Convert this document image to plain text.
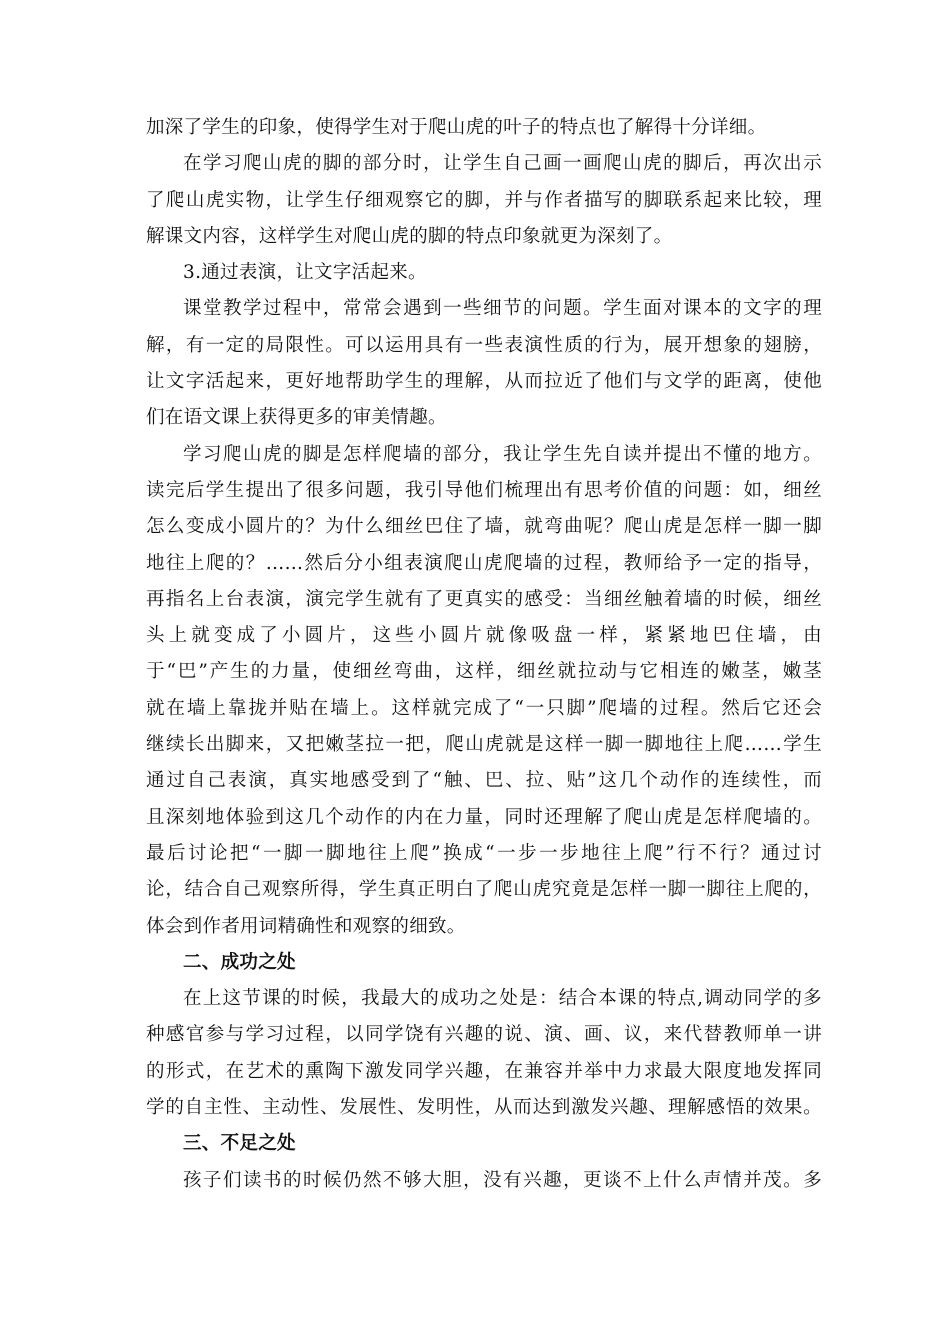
加深了学生的印象，使得学生对于爬山虎的叶子的特点也了解得十分详细。
在学习爬山虎的脚的部分时，让学生自己画一画爬山虎的脚后，再次出示
了爬山虎实物，让学生仔细观察它的脚，并与作者描写的脚联系起来比较，理
解课文内容，这样学生对爬山虎的脚的特点印象就更为深刻了。
3.通过表演，让文字活起来。
课堂教学过程中，常常会遇到一些细节的问题。学生面对课本的文字的理
解，有一定的局限性。可以运用具有一些表演性质的行为，展开想象的翅膀，
让文字活起来，更好地帮助学生的理解，从而拉近了他们与文学的距离，使他
们在语文课上获得更多的审美情趣。
学习爬山虎的脚是怎样爬墙的部分，我让学生先自读并提出不懂的地方。
读完后学生提出了很多问题，我引导他们梳理出有思考价值的问题：如，细丝
怎么变成小圆片的？为什么细丝巴住了墙，就弯曲呢？爬山虎是怎样一脚一脚
地往上爬的？……然后分小组表演爬山虎爬墙的过程，教师给予一定的指导，
再指名上台表演，演完学生就有了更真实的感受：当细丝触着墙的时候，细丝
头上就变成了小圆片，这些小圆片就像吸盘一样，紧紧地巴住墙，由
于“巴”产生的力量，使细丝弯曲，这样，细丝就拉动与它相连的嫩茎，嫩茎
就在墙上靠拢并贴在墙上。这样就完成了“一只脚”爬墙的过程。然后它还会
继续长出脚来，又把嫩茎拉一把，爬山虎就是这样一脚一脚地往上爬……学生
通过自己表演，真实地感受到了“触、巴、拉、贴”这几个动作的连续性，而
且深刻地体验到这几个动作的内在力量，同时还理解了爬山虎是怎样爬墙的。
最后讨论把“一脚一脚地往上爬”换成“一步一步地往上爬”行不行？通过讨
论，结合自己观察所得，学生真正明白了爬山虎究竟是怎样一脚一脚往上爬的，
体会到作者用词精确性和观察的细致。
二、成功之处
在上这节课的时候，我最大的成功之处是：结合本课的特点,调动同学的多
种感官参与学习过程，以同学饶有兴趣的说、演、画、议，来代替教师单一讲
的形式，在艺术的熏陶下激发同学兴趣，在兼容并举中力求最大限度地发挥同
学的自主性、主动性、发展性、发明性，从而达到激发兴趣、理解感悟的效果。
三、不足之处
孩子们读书的时候仍然不够大胆，没有兴趣，更谈不上什么声情并茂。多
